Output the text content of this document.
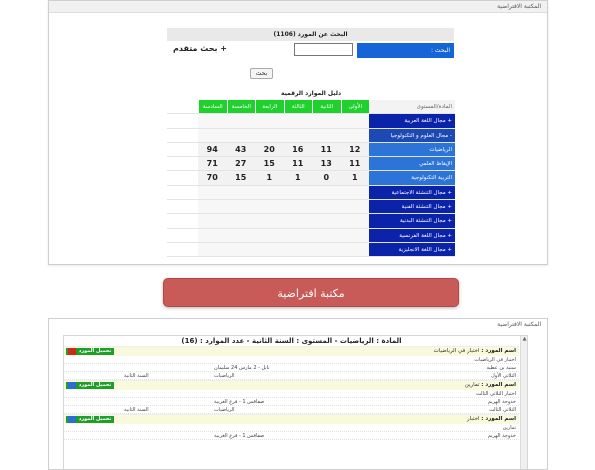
المكتبة الافتراضية
البحث عن المورد (1106)
البحث :
+ بحث متقدم
بحث
دليل الموارد الرقمية
المادة/المستوى
الأولى
الثانية
الثالثة
الرابعة
الخامسة
السادسة
+ مجال اللغة العربية
- مجال العلوم و التكنولوجيا
الرياضيات
12
11
16
20
43
94
الإيقاظ العلمي
11
13
11
15
27
71
التربية التكنولوجية
1
0
1
1
15
70
+ مجال التنشئة الاجتماعية
+ مجال التنشئة الفنية
+ مجال التنشئة البدنية
+ مجال اللغة الفرنسية
+ مجال اللغة الانجليزية
مكتبة افتراضية
المكتبة الافتراضية
▲
المادة : الرياضيات - المستوى : السنة الثانية - عدد الموارد : (16)
اسم المورد : اختبار في الرياضيات
تحميل المورد
اختبار في الرياضيات
سنية بن عطية
نابل - 2 مارس 24 سليمان
الثلاثي الأول
الرياضيات
السنة الثانية
اسم المورد : تمارين
تحميل المورد
اختبار الثلاثي الثالث
خدوجة الهريم
صفاقس 1 - فرع الغربية
الثلاثي الثالث
الرياضيات
السنة الثانية
اسم المورد : اختبار
تحميل المورد
تمارين
خدوجة الهريم
صفاقس 1 - فرع الغربية
